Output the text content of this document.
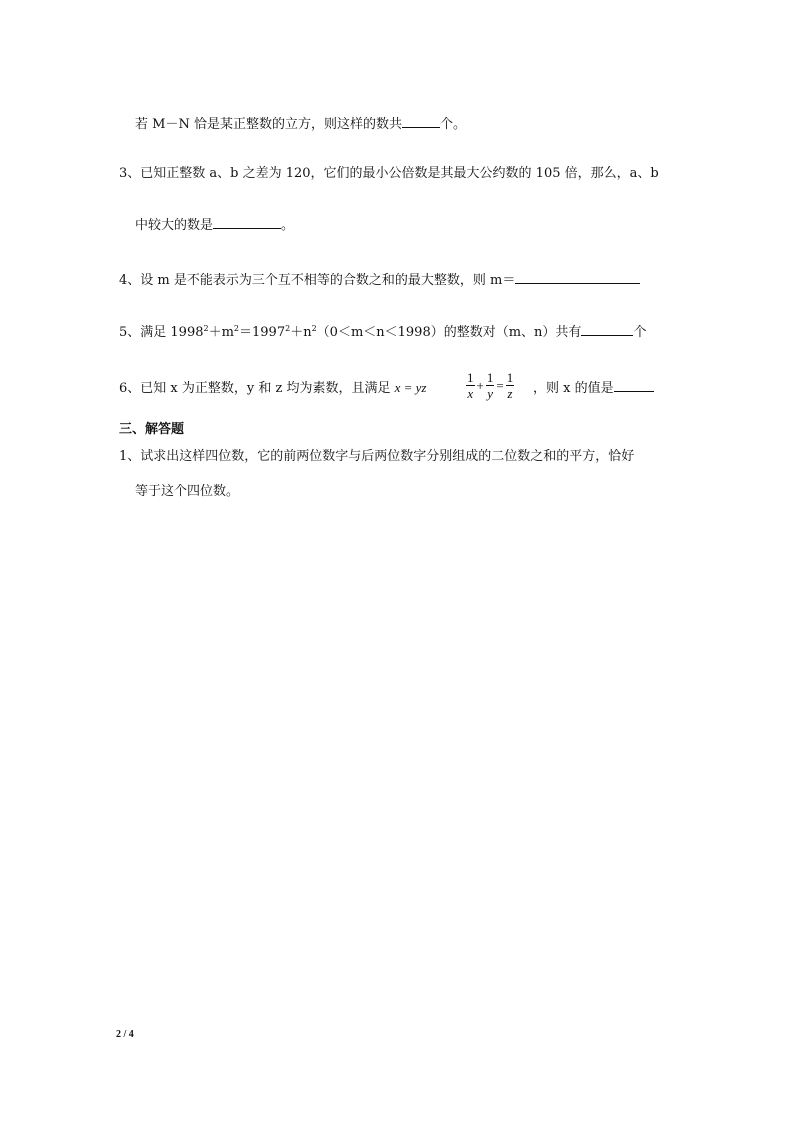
若 M－N 恰是某正整数的立方，则这样的数共	个。
3、已知正整数 a、b 之差为 120，它们的最小公倍数是其最大公约数的 105 倍，那么，a、b
中较大的数是	。
4、设 m 是不能表示为三个互不相等的合数之和的最大整数，则 m＝
5、满足 $1998^2+m^2=1997^2+n^2(0<m<n<1998)$的整数对（m、n）共有	个
6、已知 x 为正整数，y 和 z 均为素数，且满足 x = yz	$\frac{1}{x} + \frac{1}{y} = \frac{1}{z}$ ，则 x 的值是
三、解答题
1、试求出这样四位数，它的前两位数字与后两位数字分别组成的二位数之和的平方，恰好
等于这个四位数。
2 / 4
